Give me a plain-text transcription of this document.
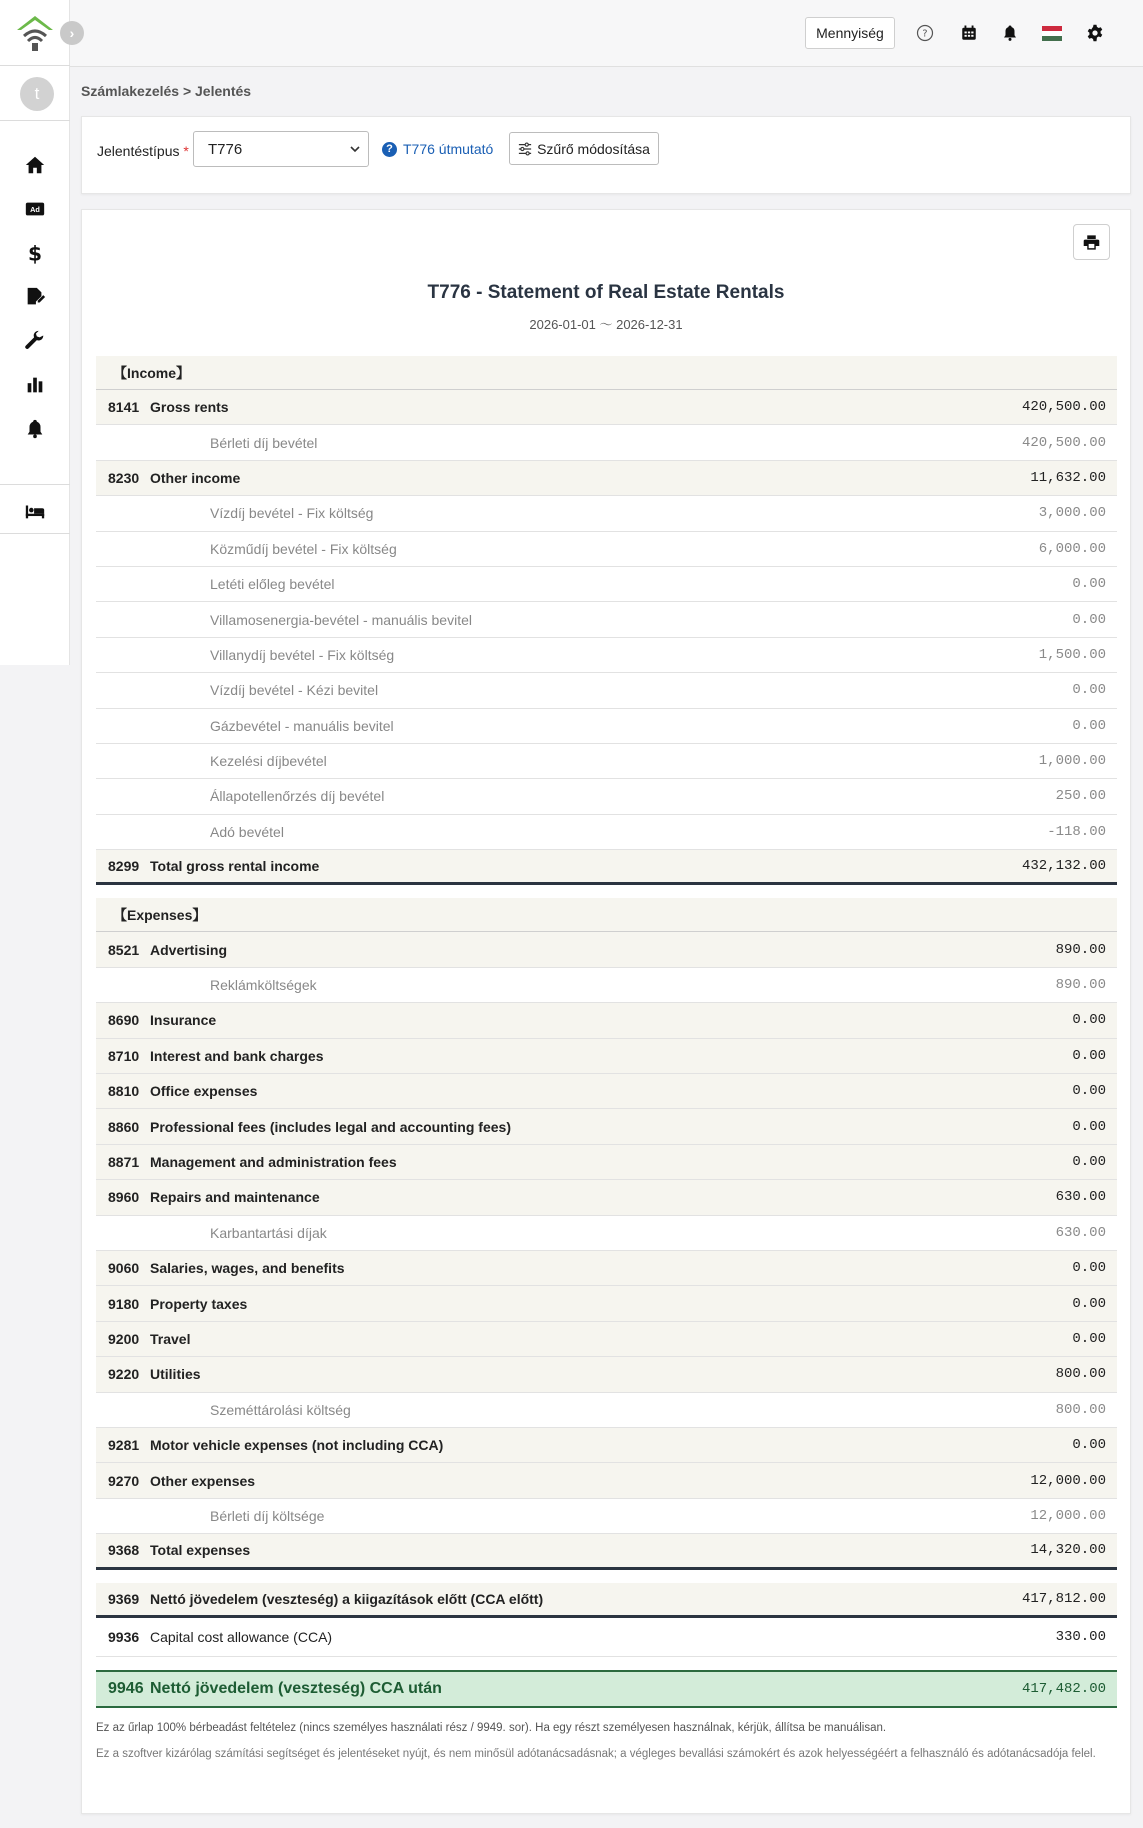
t
Ad
$
›	Mennyiség	?
Számlakezelés > Jelentés
Jelentéstípus * T776	? T776 útmutató	Szűrő módosítása
T776 - Statement of Real Estate Rentals
2026-01-01 〜 2026-12-31
【Income】
8141 Gross rents	420,500.00
Bérleti díj bevétel	420,500.00
8230 Other income	11,632.00
Vízdíj bevétel - Fix költség	3,000.00
Közműdíj bevétel - Fix költség	6,000.00
Letéti előleg bevétel	0.00
Villamosenergia-bevétel - manuális bevitel	0.00
Villanydíj bevétel - Fix költség	1,500.00
Vízdíj bevétel - Kézi bevitel	0.00
Gázbevétel - manuális bevitel	0.00
Kezelési díjbevétel	1,000.00
Állapotellenőrzés díj bevétel	250.00
Adó bevétel	-118.00
8299 Total gross rental income	432,132.00
【Expenses】
8521 Advertising	890.00
Reklámköltségek	890.00
8690 Insurance	0.00
8710 Interest and bank charges	0.00
8810 Office expenses	0.00
8860 Professional fees (includes legal and accounting fees)	0.00
8871 Management and administration fees	0.00
8960 Repairs and maintenance	630.00
Karbantartási díjak	630.00
9060 Salaries, wages, and benefits	0.00
9180 Property taxes	0.00
9200 Travel	0.00
9220 Utilities	800.00
Szeméttárolási költség	800.00
9281 Motor vehicle expenses (not including CCA)	0.00
9270 Other expenses	12,000.00
Bérleti díj költsége	12,000.00
9368 Total expenses	14,320.00
9369 Nettó jövedelem (veszteség) a kiigazítások előtt (CCA előtt)	417,812.00
9936 Capital cost allowance (CCA)	330.00
9946 Nettó jövedelem (veszteség) CCA után	417,482.00
Ez az űrlap 100% bérbeadást feltételez (nincs személyes használati rész / 9949. sor). Ha egy részt személyesen használnak, kérjük, állítsa be manuálisan.
Ez a szoftver kizárólag számítási segítséget és jelentéseket nyújt, és nem minősül adótanácsadásnak; a végleges bevallási számokért és azok helyességéért a felhasználó és adótanácsadója felel.
